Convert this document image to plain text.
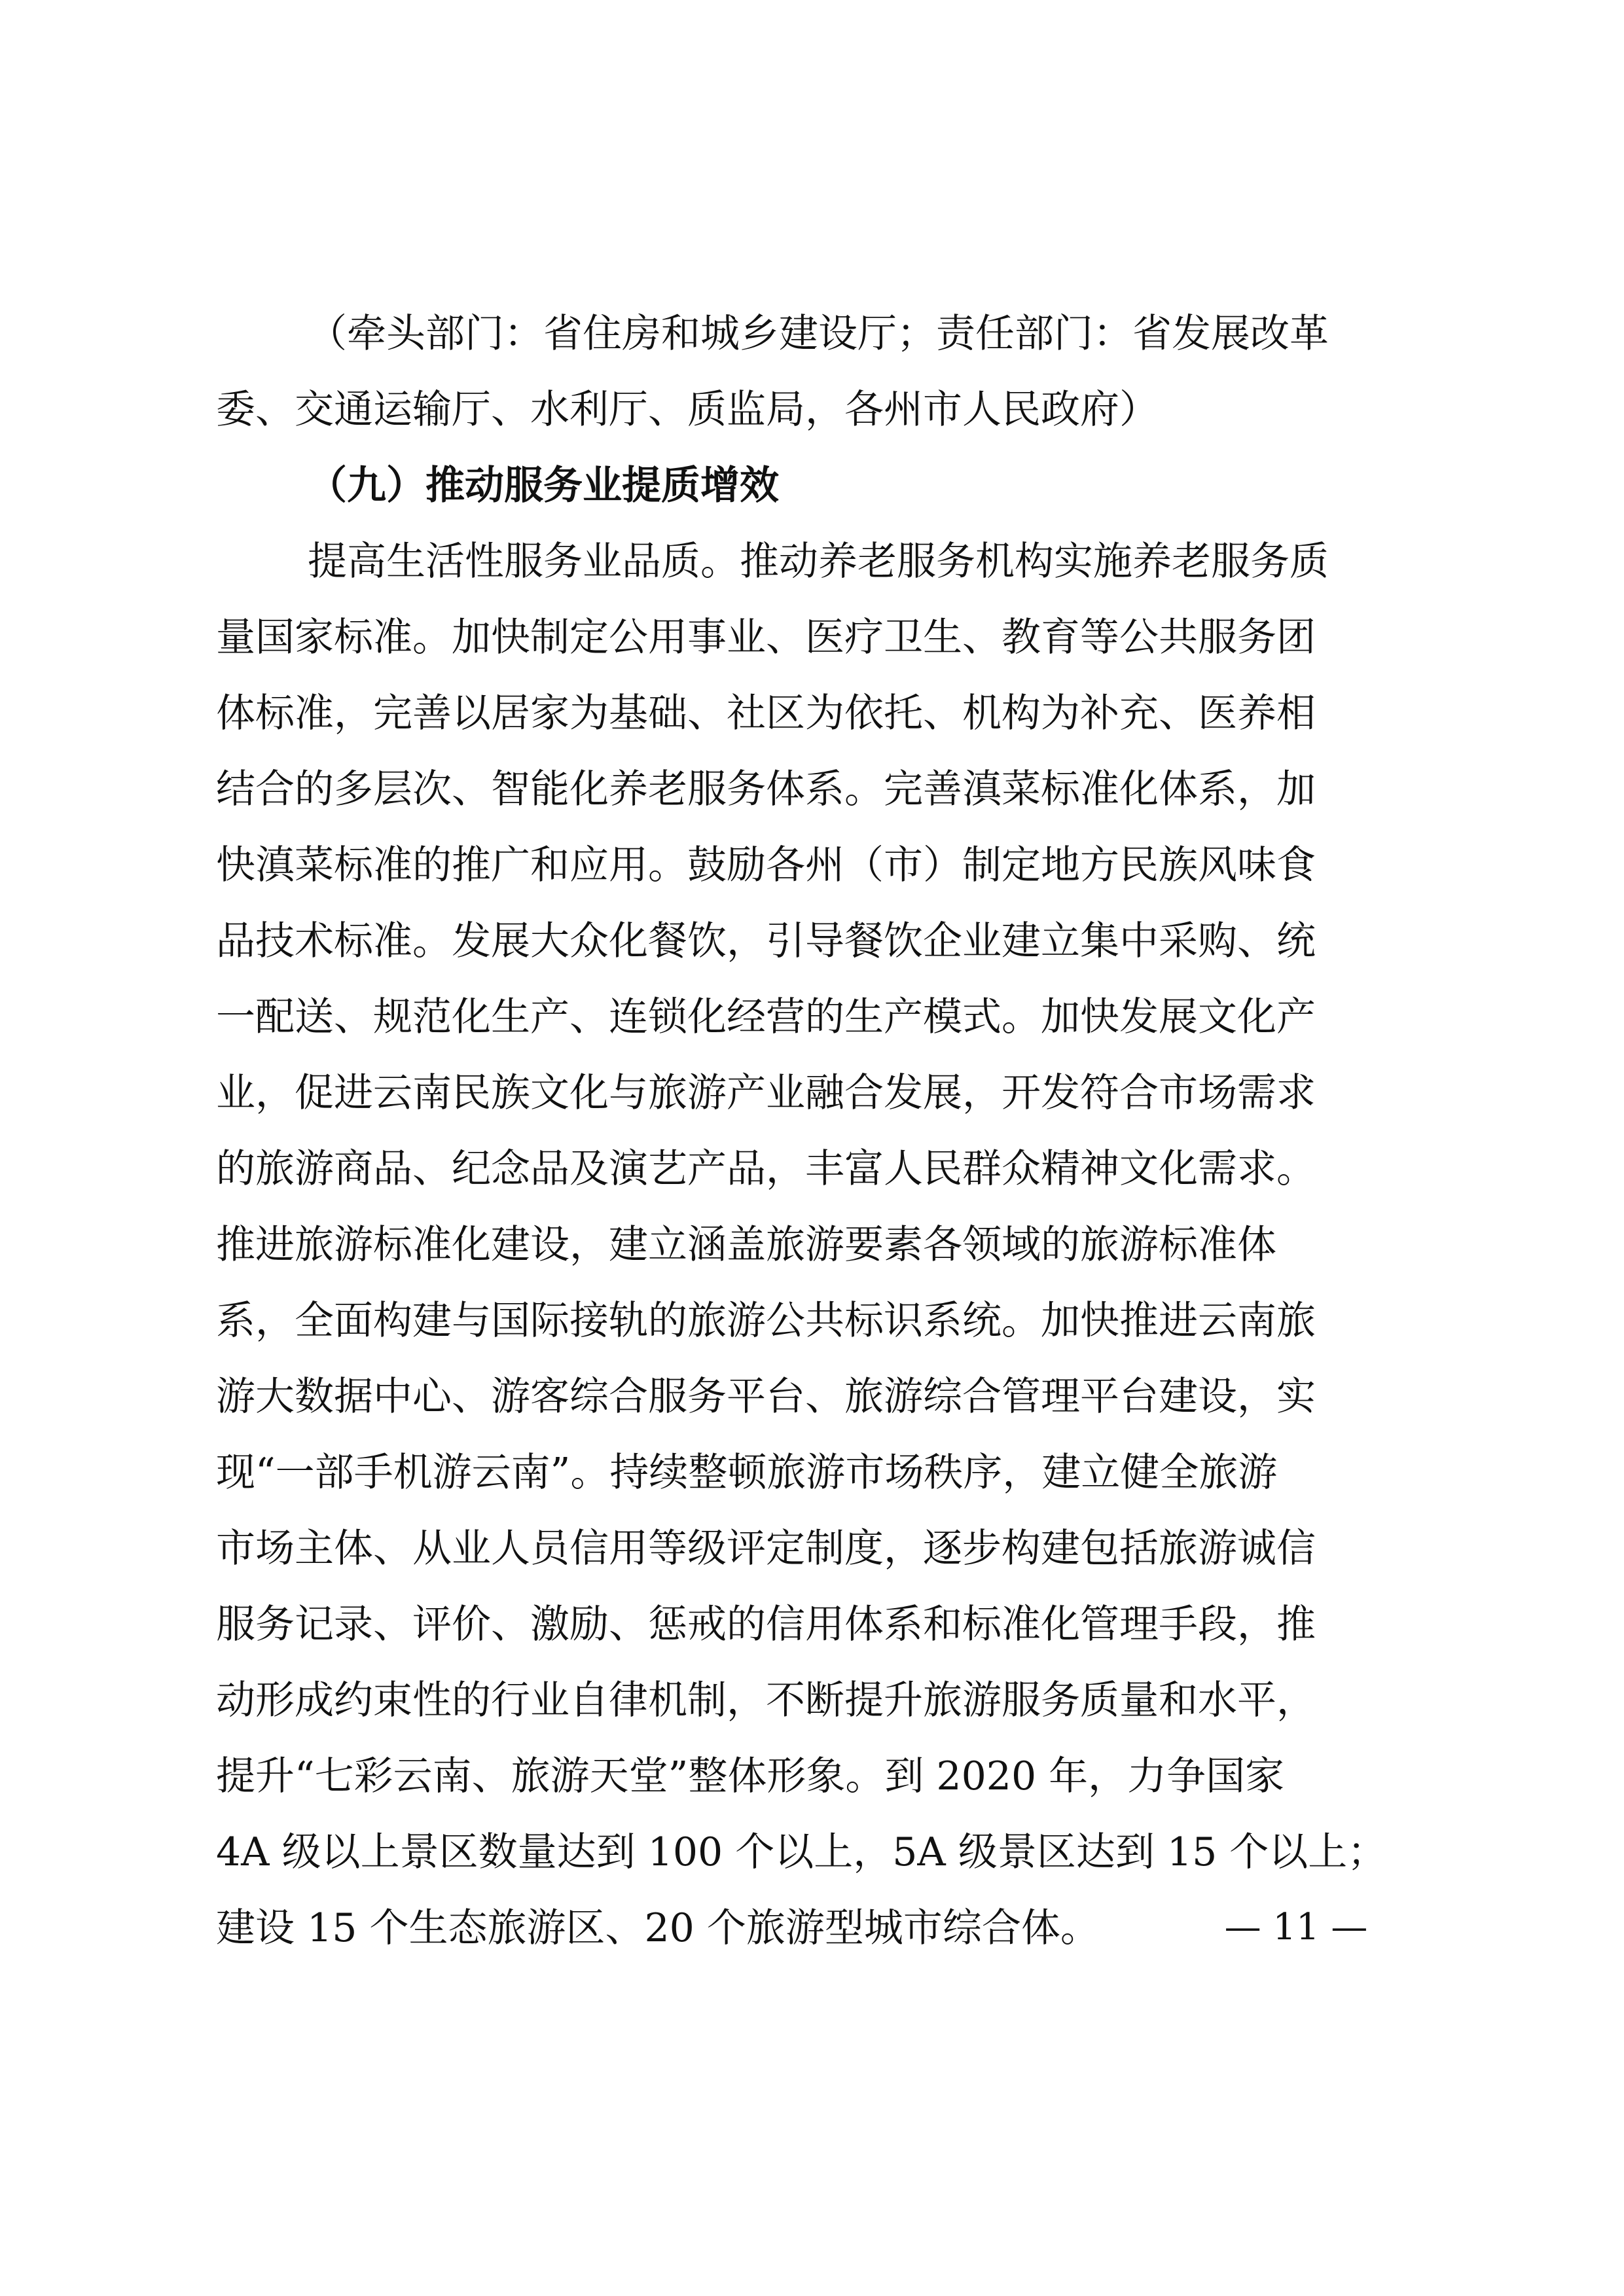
（牵头部门：省住房和城乡建设厅；责任部门：省发展改革
委、交通运输厅、水利厅、质监局，各州市人民政府）
（九）推动服务业提质增效
提高生活性服务业品质。推动养老服务机构实施养老服务质
量国家标准。加快制定公用事业、医疗卫生、教育等公共服务团
体标准，完善以居家为基础、社区为依托、机构为补充、医养相
结合的多层次、智能化养老服务体系。完善滇菜标准化体系，加
快滇菜标准的推广和应用。鼓励各州（市）制定地方民族风味食
品技术标准。发展大众化餐饮，引导餐饮企业建立集中采购、统
一配送、规范化生产、连锁化经营的生产模式。加快发展文化产
业，促进云南民族文化与旅游产业融合发展，开发符合市场需求
的旅游商品、纪念品及演艺产品，丰富人民群众精神文化需求。
推进旅游标准化建设，建立涵盖旅游要素各领域的旅游标准体
系，全面构建与国际接轨的旅游公共标识系统。加快推进云南旅
游大数据中心、游客综合服务平台、旅游综合管理平台建设，实
现“一部手机游云南”。持续整顿旅游市场秩序，建立健全旅游
市场主体、从业人员信用等级评定制度，逐步构建包括旅游诚信
服务记录、评价、激励、惩戒的信用体系和标准化管理手段，推
动形成约束性的行业自律机制，不断提升旅游服务质量和水平，
提升“七彩云南、旅游天堂”整体形象。到 2020 年，力争国家
4A 级以上景区数量达到 100 个以上，5A 级景区达到 15 个以上；
建设 15 个生态旅游区、20 个旅游型城市综合体。	— 11 —
